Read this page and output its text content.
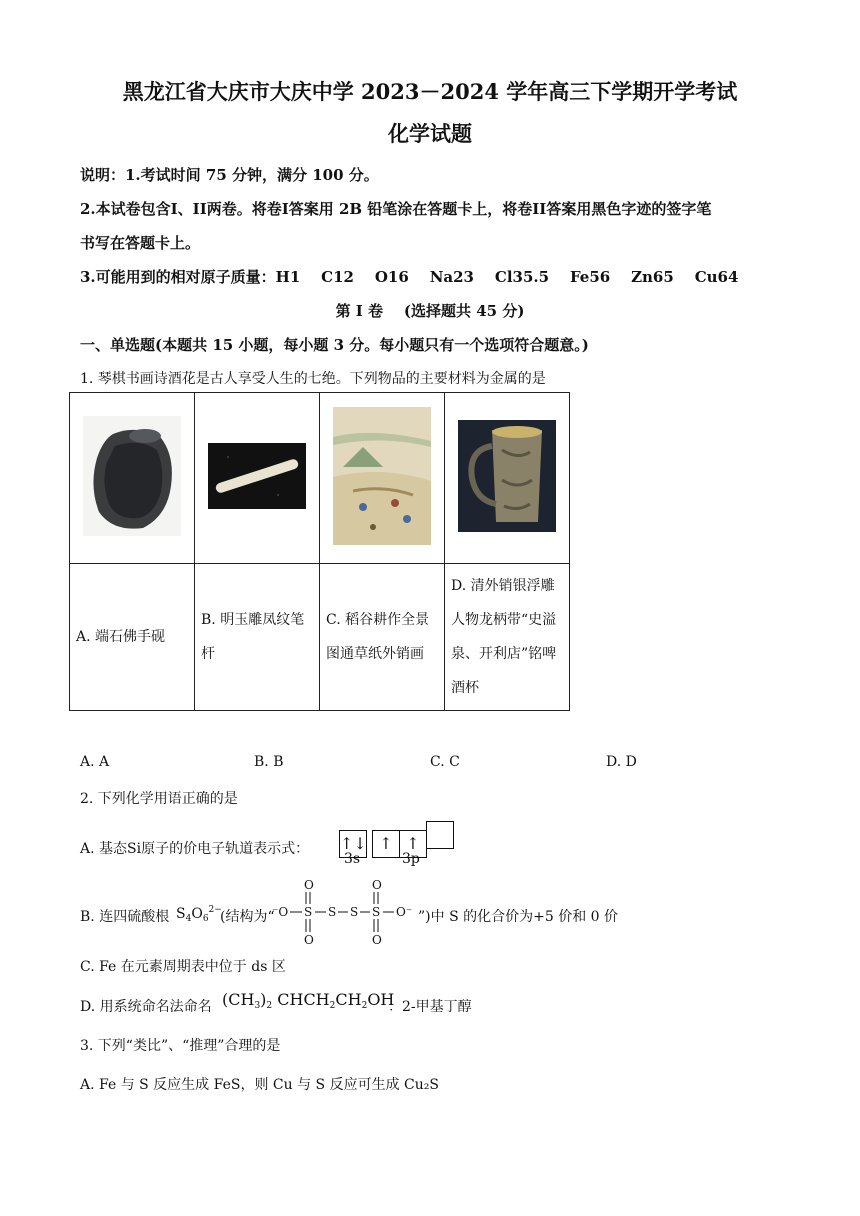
黑龙江省大庆市大庆中学 2023－2024 学年高三下学期开学考试
化学试题
说明：1.考试时间 75 分钟，满分 100 分。
2.本试卷包含I、II两卷。将卷I答案用 2B 铅笔涂在答题卡上，将卷II答案用黑色字迹的签字笔
书写在答题卡上。
3.可能用到的相对原子质量：H1    C12    O16    Na23    Cl35.5    Fe56    Zn65    Cu64
第 I 卷    (选择题共 45 分)
一、单选题(本题共 15 小题，每小题 3 分。每小题只有一个选项符合题意。)
1. 琴棋书画诗酒花是古人享受人生的七绝。下列物品的主要材料为金属的是

A. 端石佛手砚	B. 明玉雕凤纹笔杆	C. 稻谷耕作全景图通草纸外销画	D. 清外销银浮雕人物龙柄带“史溢泉、开利店”铭啤酒杯
A. A	B. B	C. C	D. D
2. 下列化学用语正确的是
A. 基态Si原子的价电子轨道表示式： ↑↓ ↑ ↑
3s	3p
B. 连四硫酸根 $S_4O_6^{2-}$
(结构为“
⁻O S
O
O
S S S
O
O
O⁻ ”)中 S 的化合价为+5 价和 0 价
C. Fe 在元素周期表中位于 ds 区
D. 用系统命名法命名 $(CH_3)_2$ $CHCH_2CH_2OH$
：2-甲基丁醇
3. 下列“类比”、“推理”合理的是
A. Fe 与 S 反应生成 FeS，则 Cu 与 S 反应可生成 Cu₂S
